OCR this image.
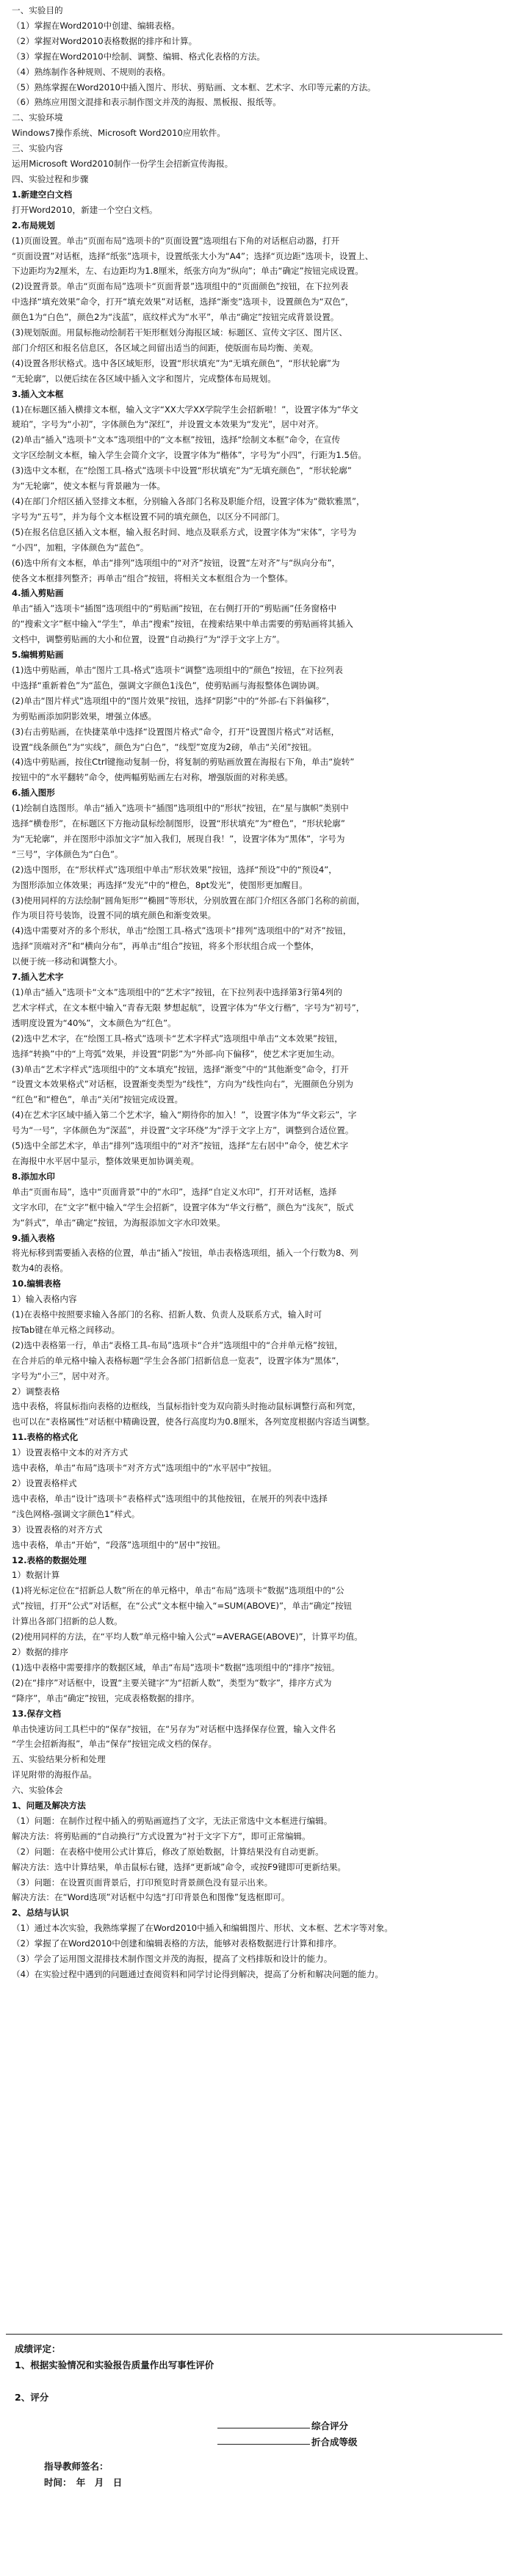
一、实验目的
（1）掌握在Word2010中创建、编辑表格。
（2）掌握对Word2010表格数据的排序和计算。
（3）掌握在Word2010中绘制、调整、编辑、格式化表格的方法。
（4）熟练制作各种规则、不规则的表格。
（5）熟练掌握在Word2010中插入图片、形状、剪贴画、文本框、艺术字、水印等元素的方法。
（6）熟练应用图文混排和表示制作图文并茂的海报、黑板报、报纸等。
二、实验环境
Windows7操作系统、Microsoft Word2010应用软件。
三、实验内容
运用Microsoft Word2010制作一份学生会招新宣传海报。
四、实验过程和步骤
1.新建空白文档
打开Word2010，新建一个空白文档。
2.布局规划
(1)页面设置。单击“页面布局”选项卡的“页面设置”选项组右下角的对话框启动器，打开
“页面设置”对话框，选择“纸张”选项卡，设置纸张大小为“A4”；选择“页边距”选项卡，设置上、
下边距均为2厘米，左、右边距均为1.8厘米，纸张方向为“纵向”；单击“确定”按钮完成设置。
(2)设置背景。单击“页面布局”选项卡“页面背景”选项组中的“页面颜色”按钮，在下拉列表
中选择“填充效果”命令，打开“填充效果”对话框，选择“渐变”选项卡，设置颜色为“双色”，
颜色1为“白色”，颜色2为“浅蓝”，底纹样式为“水平”，单击“确定”按钮完成背景设置。
(3)规划版面。用鼠标拖动绘制若干矩形框划分海报区域：标题区、宣传文字区、图片区、
部门介绍区和报名信息区，各区域之间留出适当的间距，使版面布局均衡、美观。
(4)设置各形状格式。选中各区域矩形，设置“形状填充”为“无填充颜色”，“形状轮廓”为
“无轮廓”，以便后续在各区域中插入文字和图片，完成整体布局规划。
3.插入文本框
(1)在标题区插入横排文本框，输入文字“XX大学XX学院学生会招新啦！”，设置字体为“华文
琥珀”，字号为“小初”，字体颜色为“深红”，并设置文本效果为“发光”，居中对齐。
(2)单击“插入”选项卡“文本”选项组中的“文本框”按钮，选择“绘制文本框”命令，在宣传
文字区绘制文本框，输入学生会简介文字，设置字体为“楷体”，字号为“小四”，行距为1.5倍。
(3)选中文本框，在“绘图工具-格式”选项卡中设置“形状填充”为“无填充颜色”，“形状轮廓”
为“无轮廓”，使文本框与背景融为一体。
(4)在部门介绍区插入竖排文本框，分别输入各部门名称及职能介绍，设置字体为“微软雅黑”，
字号为“五号”，并为每个文本框设置不同的填充颜色，以区分不同部门。
(5)在报名信息区插入文本框，输入报名时间、地点及联系方式，设置字体为“宋体”，字号为
“小四”，加粗，字体颜色为“蓝色”。
(6)选中所有文本框，单击“排列”选项组中的“对齐”按钮，设置“左对齐”与“纵向分布”，
使各文本框排列整齐；再单击“组合”按钮，将相关文本框组合为一个整体。
4.插入剪贴画
单击“插入”选项卡“插图”选项组中的“剪贴画”按钮，在右侧打开的“剪贴画”任务窗格中
的“搜索文字”框中输入“学生”，单击“搜索”按钮，在搜索结果中单击需要的剪贴画将其插入
文档中，调整剪贴画的大小和位置，设置“自动换行”为“浮于文字上方”。
5.编辑剪贴画
(1)选中剪贴画，单击“图片工具-格式”选项卡“调整”选项组中的“颜色”按钮，在下拉列表
中选择“重新着色”为“蓝色，强调文字颜色1浅色”，使剪贴画与海报整体色调协调。
(2)单击“图片样式”选项组中的“图片效果”按钮，选择“阴影”中的“外部-右下斜偏移”，
为剪贴画添加阴影效果，增强立体感。
(3)右击剪贴画，在快捷菜单中选择“设置图片格式”命令，打开“设置图片格式”对话框，
设置“线条颜色”为“实线”，颜色为“白色”，“线型”宽度为2磅，单击“关闭”按钮。
(4)选中剪贴画，按住Ctrl键拖动复制一份，将复制的剪贴画放置在海报右下角，单击“旋转”
按钮中的“水平翻转”命令，使两幅剪贴画左右对称，增强版面的对称美感。
6.插入图形
(1)绘制自选图形。单击“插入”选项卡“插图”选项组中的“形状”按钮，在“星与旗帜”类别中
选择“横卷形”，在标题区下方拖动鼠标绘制图形，设置“形状填充”为“橙色”，“形状轮廓”
为“无轮廓”，并在图形中添加文字“加入我们，展现自我！”，设置字体为“黑体”，字号为
“三号”，字体颜色为“白色”。
(2)选中图形，在“形状样式”选项组中单击“形状效果”按钮，选择“预设”中的“预设4”，
为图形添加立体效果；再选择“发光”中的“橙色，8pt发光”，使图形更加醒目。
(3)使用同样的方法绘制“圆角矩形”“椭圆”等形状，分别放置在部门介绍区各部门名称的前面，
作为项目符号装饰，设置不同的填充颜色和渐变效果。
(4)选中需要对齐的多个形状，单击“绘图工具-格式”选项卡“排列”选项组中的“对齐”按钮，
选择“顶端对齐”和“横向分布”，再单击“组合”按钮，将多个形状组合成一个整体，
以便于统一移动和调整大小。
7.插入艺术字
(1)单击“插入”选项卡“文本”选项组中的“艺术字”按钮，在下拉列表中选择第3行第4列的
艺术字样式，在文本框中输入“青春无限 梦想起航”，设置字体为“华文行楷”，字号为“初号”，
透明度设置为“40%”，文本颜色为“红色”。
(2)选中艺术字，在“绘图工具-格式”选项卡“艺术字样式”选项组中单击“文本效果”按钮，
选择“转换”中的“上弯弧”效果，并设置“阴影”为“外部-向下偏移”，使艺术字更加生动。
(3)单击“艺术字样式”选项组中的“文本填充”按钮，选择“渐变”中的“其他渐变”命令，打开
“设置文本效果格式”对话框，设置渐变类型为“线性”，方向为“线性向右”，光圈颜色分别为
“红色”和“橙色”，单击“关闭”按钮完成设置。
(4)在艺术字区域中插入第二个艺术字，输入“期待你的加入！”，设置字体为“华文彩云”，字
号为“一号”，字体颜色为“深蓝”，并设置“文字环绕”为“浮于文字上方”，调整到合适位置。
(5)选中全部艺术字，单击“排列”选项组中的“对齐”按钮，选择“左右居中”命令，使艺术字
在海报中水平居中显示，整体效果更加协调美观。
8.添加水印
单击“页面布局”，选中“页面背景”中的“水印”，选择“自定义水印”，打开对话框，选择
文字水印，在“文字”框中输入“学生会招新”，设置字体为“华文行楷”，颜色为“浅灰”，版式
为“斜式”，单击“确定”按钮，为海报添加文字水印效果。
9.插入表格
将光标移到需要插入表格的位置，单击“插入”按钮，单击表格选项组，插入一个行数为8、列
数为4的表格。
10.编辑表格
1）输入表格内容
(1)在表格中按照要求输入各部门的名称、招新人数、负责人及联系方式，输入时可
按Tab键在单元格之间移动。
(2)选中表格第一行，单击“表格工具-布局”选项卡“合并”选项组中的“合并单元格”按钮，
在合并后的单元格中输入表格标题“学生会各部门招新信息一览表”，设置字体为“黑体”，
字号为“小三”，居中对齐。
2）调整表格
选中表格，将鼠标指向表格的边框线，当鼠标指针变为双向箭头时拖动鼠标调整行高和列宽，
也可以在“表格属性”对话框中精确设置，使各行高度均为0.8厘米，各列宽度根据内容适当调整。
11.表格的格式化
1）设置表格中文本的对齐方式
选中表格，单击“布局”选项卡“对齐方式”选项组中的“水平居中”按钮。
2）设置表格样式
选中表格，单击“设计”选项卡“表格样式”选项组中的其他按钮，在展开的列表中选择
“浅色网格-强调文字颜色1”样式。
3）设置表格的对齐方式
选中表格，单击“开始”，“段落”选项组中的“居中”按钮。
12.表格的数据处理
1）数据计算
(1)将光标定位在“招新总人数”所在的单元格中，单击“布局”选项卡“数据”选项组中的“公
式”按钮，打开“公式”对话框，在“公式”文本框中输入“=SUM(ABOVE)”，单击“确定”按钮
计算出各部门招新的总人数。
(2)使用同样的方法，在“平均人数”单元格中输入公式“=AVERAGE(ABOVE)”，计算平均值。
2）数据的排序
(1)选中表格中需要排序的数据区域，单击“布局”选项卡“数据”选项组中的“排序”按钮。
(2)在“排序”对话框中，设置“主要关键字”为“招新人数”，类型为“数字”，排序方式为
“降序”，单击“确定”按钮，完成表格数据的排序。
13.保存文档
单击快速访问工具栏中的“保存”按钮，在“另存为”对话框中选择保存位置，输入文件名
“学生会招新海报”，单击“保存”按钮完成文档的保存。
五、实验结果分析和处理
详见附带的海报作品。
六、实验体会
1、问题及解决方法
（1）问题：在制作过程中插入的剪贴画遮挡了文字，无法正常选中文本框进行编辑。
解决方法：将剪贴画的“自动换行”方式设置为“衬于文字下方”，即可正常编辑。
（2）问题：在表格中使用公式计算后，修改了原始数据，计算结果没有自动更新。
解决方法：选中计算结果，单击鼠标右键，选择“更新域”命令，或按F9键即可更新结果。
（3）问题：在设置页面背景后，打印预览时背景颜色没有显示出来。
解决方法：在“Word选项”对话框中勾选“打印背景色和图像”复选框即可。
2、总结与认识
（1）通过本次实验，我熟练掌握了在Word2010中插入和编辑图片、形状、文本框、艺术字等对象。
（2）掌握了在Word2010中创建和编辑表格的方法，能够对表格数据进行计算和排序。
（3）学会了运用图文混排技术制作图文并茂的海报，提高了文档排版和设计的能力。
（4）在实验过程中遇到的问题通过查阅资料和同学讨论得到解决，提高了分析和解决问题的能力。
成绩评定：
1、根据实验情况和实验报告质量作出写事性评价
2、评分
综合评分
折合成等级
指导教师签名：
时间：　年　月　日
